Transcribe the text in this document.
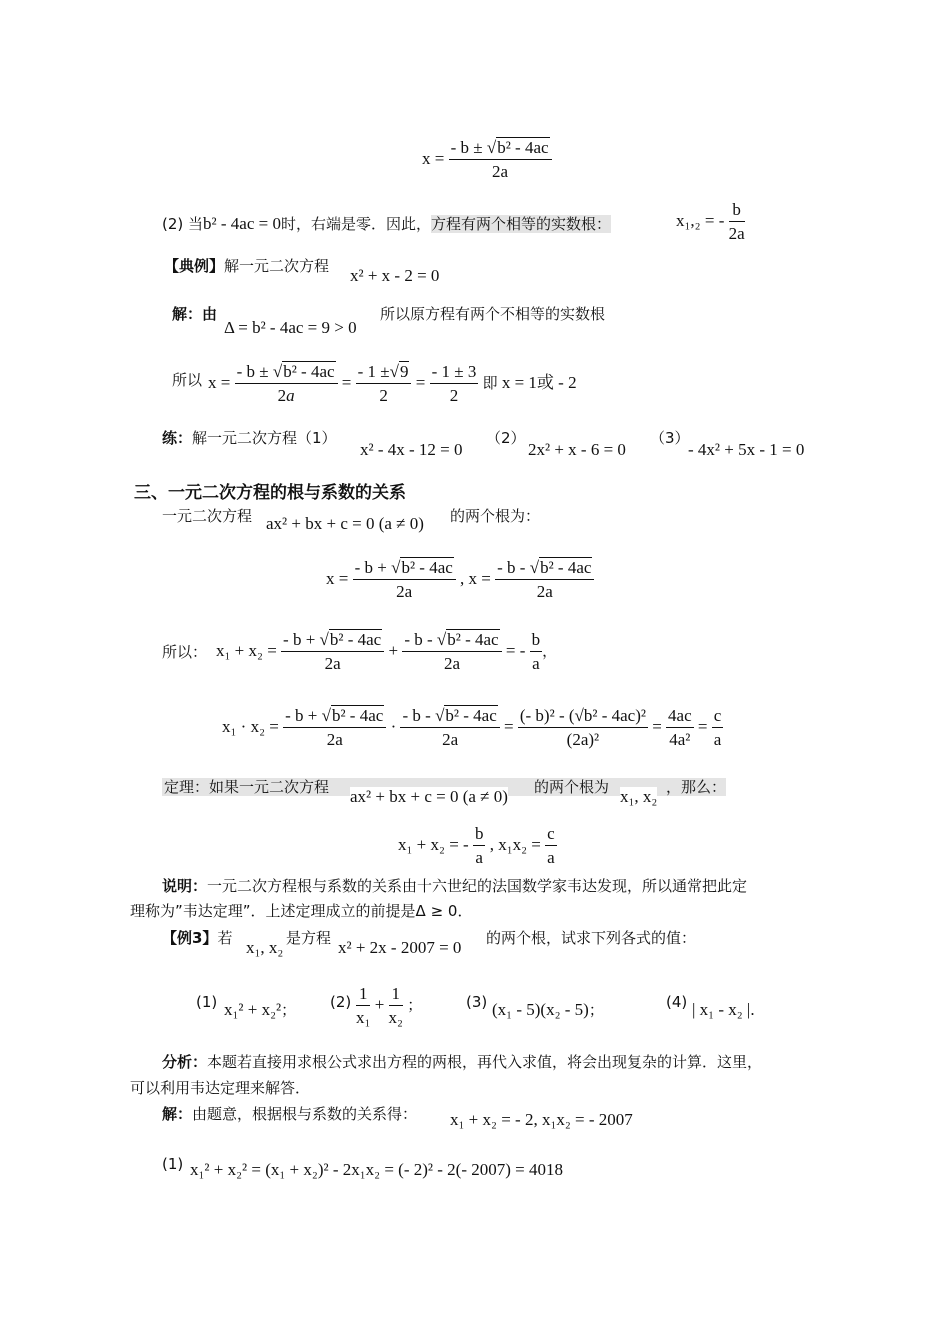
$x = \frac{\text{- b ± √b² - 4ac}}{2a}$
(2) 当b² - 4ac = 0时，右端是零．因此，方程有两个相等的实数根：	x₁,₂ = - $\frac{b}{2a}$
【典例】解一元二次方程 x² + x - 2 = 0
解：由
Δ = b² - 4ac = 9 > 0
所以原方程有两个不相等的实数根
所以 $x = \frac{\text{- b ± √b² - 4ac}}{2a} = \frac{- 1 \pm√9}{2} = \frac{- 1 \pm 3}{2}$ 即 x = 1或 - 2
练：解一元二次方程（1）
x² - 4x - 12 = 0
（2）
2x² + x - 6 = 0
（3）
- 4x² + 5x - 1 = 0
三、一元二次方程的根与系数的关系
一元二次方程 ax² + bx + c = 0 (a ≠ 0) 的两个根为：
$x = \frac{\text{- b + √b² - 4ac}}{2a}$ , $x = \frac{\text{- b - √b² - 4ac}}{2a}$
所以： $x_1 + x_2 = \frac{\text{- b + √b² - 4ac}}{2a} + \frac{\text{- b - √b² - 4ac}}{2a}$ = - $\frac{b}{a}$ ，
$x_1 \cdot x_2 = \frac{\text{- b + √b² - 4ac}}{2a} \cdot \frac{\text{- b - √b² - 4ac}}{2a} = \frac{\text{(- b)² - (√b² - 4ac)²}}{\text{(2a)²}} = \frac{4ac}{\text{4a²}} = \frac{c}{a}$
定理：如果一元二次方程 ax² + bx + c = 0 (a ≠ 0) 的两个根为 x₁, x₂ ，那么：
x₁ + x₂ = - $\frac{b}{a}$ , $x_1x_2 = \frac{c}{a}$
说明：一元二次方程根与系数的关系由十六世纪的法国数学家韦达发现，所以通常把此定
理称为”韦达定理”．上述定理成立的前提是Δ ≥ 0．
【例3】若 x₁, x₂ 是方程 x² + 2x - 2007 = 0 的两个根，试求下列各式的值：
(1) x₁² + x₂²； $(2) \frac{1}{\text{x₁}} + \frac{1}{\text{x₂}}$ ；	(3) (x₁ - 5)(x₂ - 5)；	(4) | x₁ - x₂ |.
分析：本题若直接用求根公式求出方程的两根，再代入求值，将会出现复杂的计算．这里，
可以利用韦达定理来解答．
解：由题意，根据根与系数的关系得： x₁ + x₂ = - 2, x₁x₂ = - 2007
(1) x₁² + x₂² = (x₁ + x₂)² - 2x₁x₂ = (- 2)² - 2(- 2007) = 4018
